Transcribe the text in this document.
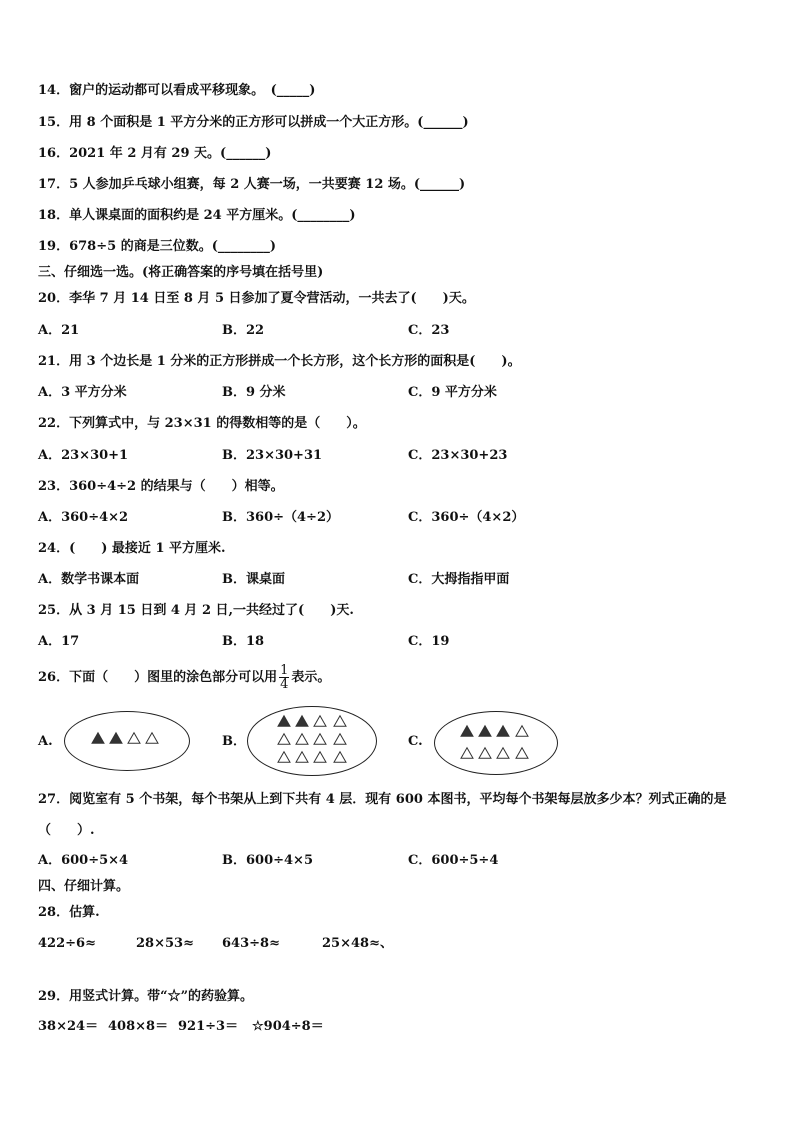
14．窗户的运动都可以看成平移现象。　(_____)
15．用 8 个面积是 1 平方分米的正方形可以拼成一个大正方形。(______)
16．2021 年 2 月有 29 天。(______)
17．5 人参加乒乓球小组赛，每 2 人赛一场，一共要赛 12 场。(______)
18．单人课桌面的面积约是 24 平方厘米。(________)
19．678÷5 的商是三位数。(________)
三、仔细选一选。(将正确答案的序号填在括号里)
20．李华 7 月 14 日至 8 月 5 日参加了夏令营活动，一共去了(　　)天。
A．21	B．22	C．23
21．用 3 个边长是 1 分米的正方形拼成一个长方形，这个长方形的面积是(　　)。
A．3 平方分米	B．9 分米	C．9 平方分米
22．下列算式中，与 23×31 的得数相等的是（　　）。
A．23×30+1	B．23×30+31	C．23×30+23
23．360÷4÷2 的结果与（　　）相等。
A．360÷4×2	B．360÷（4÷2）	C．360÷（4×2）
24．(　　) 最接近 1 平方厘米.
A．数学书课本面	B．课桌面	C．大拇指指甲面
25．从 3 月 15 日到 4 月 2 日,一共经过了(　　)天.
A．17	B．18	C．19
26．下面（　　）图里的涂色部分可以用 $\frac{1}{4}$ 表示。
A.	B．	C.
27．阅览室有 5 个书架，每个书架从上到下共有 4 层．现有 600 本图书，平均每个书架每层放多少本？列式正确的是
（　　）.
A．600÷5×4	B．600÷4×5	C．600÷5÷4
四、仔细计算。
28．估算.
422÷6≈	28×53≈ 643÷8≈	25×48≈、
29．用竖式计算。带“☆”的药验算。
38×24＝ 408×8＝ 921÷3＝ ☆904÷8＝
